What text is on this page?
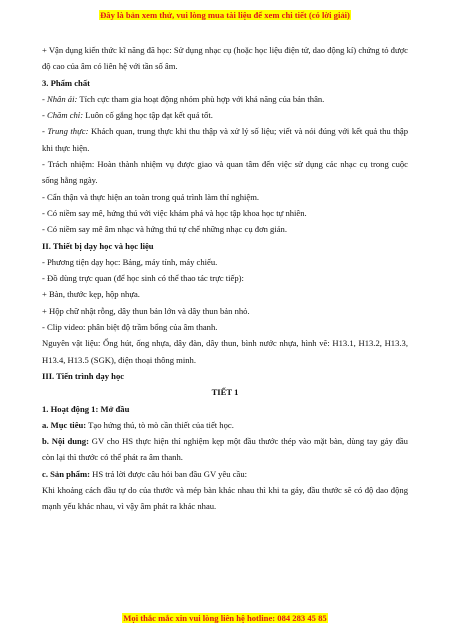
Đây là bản xem thử, vui lòng mua tài liệu để xem chi tiết (có lời giải)

+ Vận dụng kiến thức kĩ năng đã học: Sử dụng nhạc cụ (hoặc học liệu điện tử, dao động kí) chứng tỏ được độ cao của âm có liên hệ với tần số âm.

3. Phẩm chất

- Nhân ái: Tích cực tham gia hoạt động nhóm phù hợp với khả năng của bản thân.

- Chăm chỉ: Luôn cố gắng học tập đạt kết quả tốt.

- Trung thực: Khách quan, trung thực khi thu thập và xử lý số liệu; viết và nói đúng với kết quả thu thập khi thực hiện.

- Trách nhiệm: Hoàn thành nhiệm vụ được giao và quan tâm đến việc sử dụng các nhạc cụ trong cuộc sống hằng ngày.

- Cẩn thận và thực hiện an toàn trong quá trình làm thí nghiệm.

- Có niềm say mê, hứng thú với việc khám phá và học tập khoa học tự nhiên.

- Có niềm say mê âm nhạc và hứng thú tự chế những nhạc cụ đơn giản.

II. Thiết bị dạy học và học liệu

- Phương tiện dạy học: Bảng, máy tính, máy chiếu.

- Đồ dùng trực quan (để học sinh có thể thao tác trực tiếp):

+ Bàn, thước kẹp, hộp nhựa.

+ Hộp chữ nhật rỗng, dây thun bản lớn và dây thun bản nhỏ.

- Clip video: phân biệt độ trầm bổng của âm thanh.

Nguyên vật liệu: Ống hút, ống nhựa, dây đàn, dây thun, bình nước nhựa, hình vẽ: H13.1, H13.2, H13.3, H13.4, H13.5 (SGK), điện thoại thông minh.

III. Tiến trình dạy học

TIẾT 1

1. Hoạt động 1: Mở đầu

a. Mục tiêu: Tạo hứng thú, tò mò cần thiết của tiết học.

b. Nội dung: GV cho HS thực hiện thí nghiệm kẹp một đầu thước thép vào mặt bàn, dùng tay gảy đầu còn lại thì thước có thể phát ra âm thanh.

c. Sản phẩm: HS trả lời được câu hỏi ban đầu GV yêu cầu:

Khi khoảng cách đầu tự do của thước và mép bàn khác nhau thì khi ta gảy, đầu thước sẽ có độ dao động mạnh yếu khác nhau, vì vậy âm phát ra khác nhau.

Mọi thắc mắc xin vui lòng liên hệ hotline: 084 283 45 85
